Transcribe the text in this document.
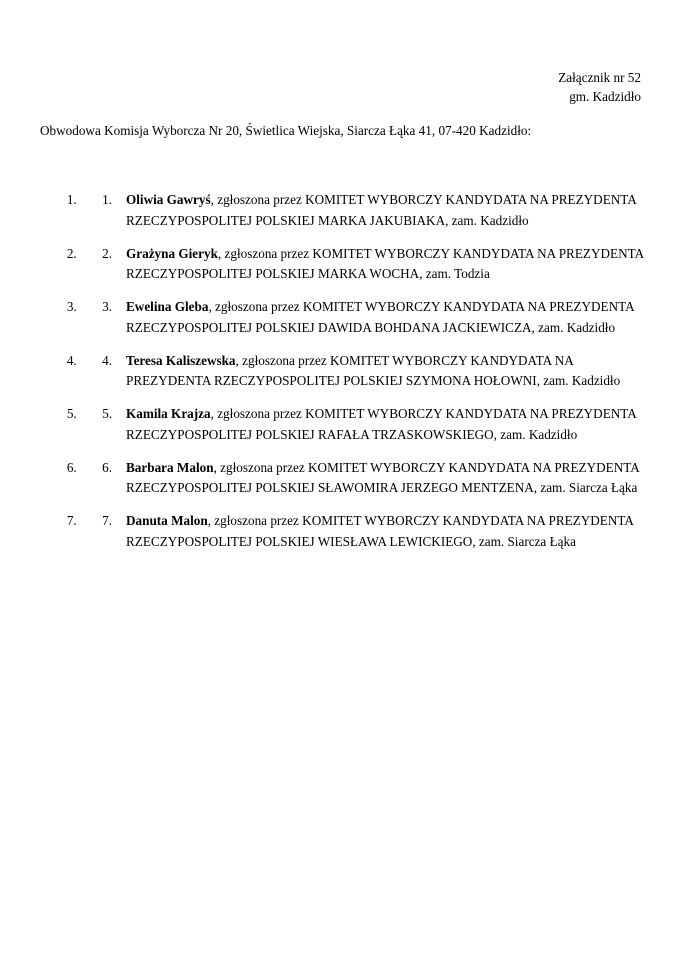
Załącznik nr 52
gm. Kadzidło
Obwodowa Komisja Wyborcza Nr 20, Świetlica Wiejska, Siarcza Łąka 41, 07-420 Kadzidło:
1. 1. Oliwia Gawryś, zgłoszona przez KOMITET WYBORCZY KANDYDATA NA PREZYDENTA
RZECZYPOSPOLITEJ POLSKIEJ MARKA JAKUBIAKA, zam. Kadzidło
2. 2. Grażyna Gieryk, zgłoszona przez KOMITET WYBORCZY KANDYDATA NA PREZYDENTA
RZECZYPOSPOLITEJ POLSKIEJ MARKA WOCHA, zam. Todzia
3. 3. Ewelina Gleba, zgłoszona przez KOMITET WYBORCZY KANDYDATA NA PREZYDENTA
RZECZYPOSPOLITEJ POLSKIEJ DAWIDA BOHDANA JACKIEWICZA, zam. Kadzidło
4. 4. Teresa Kaliszewska, zgłoszona przez KOMITET WYBORCZY KANDYDATA NA
PREZYDENTA RZECZYPOSPOLITEJ POLSKIEJ SZYMONA HOŁOWNI, zam. Kadzidło
5. 5. Kamila Krajza, zgłoszona przez KOMITET WYBORCZY KANDYDATA NA PREZYDENTA
RZECZYPOSPOLITEJ POLSKIEJ RAFAŁA TRZASKOWSKIEGO, zam. Kadzidło
6. 6. Barbara Malon, zgłoszona przez KOMITET WYBORCZY KANDYDATA NA PREZYDENTA
RZECZYPOSPOLITEJ POLSKIEJ SŁAWOMIRA JERZEGO MENTZENA, zam. Siarcza Łąka
7. 7. Danuta Malon, zgłoszona przez KOMITET WYBORCZY KANDYDATA NA PREZYDENTA
RZECZYPOSPOLITEJ POLSKIEJ WIESŁAWA LEWICKIEGO, zam. Siarcza Łąka
